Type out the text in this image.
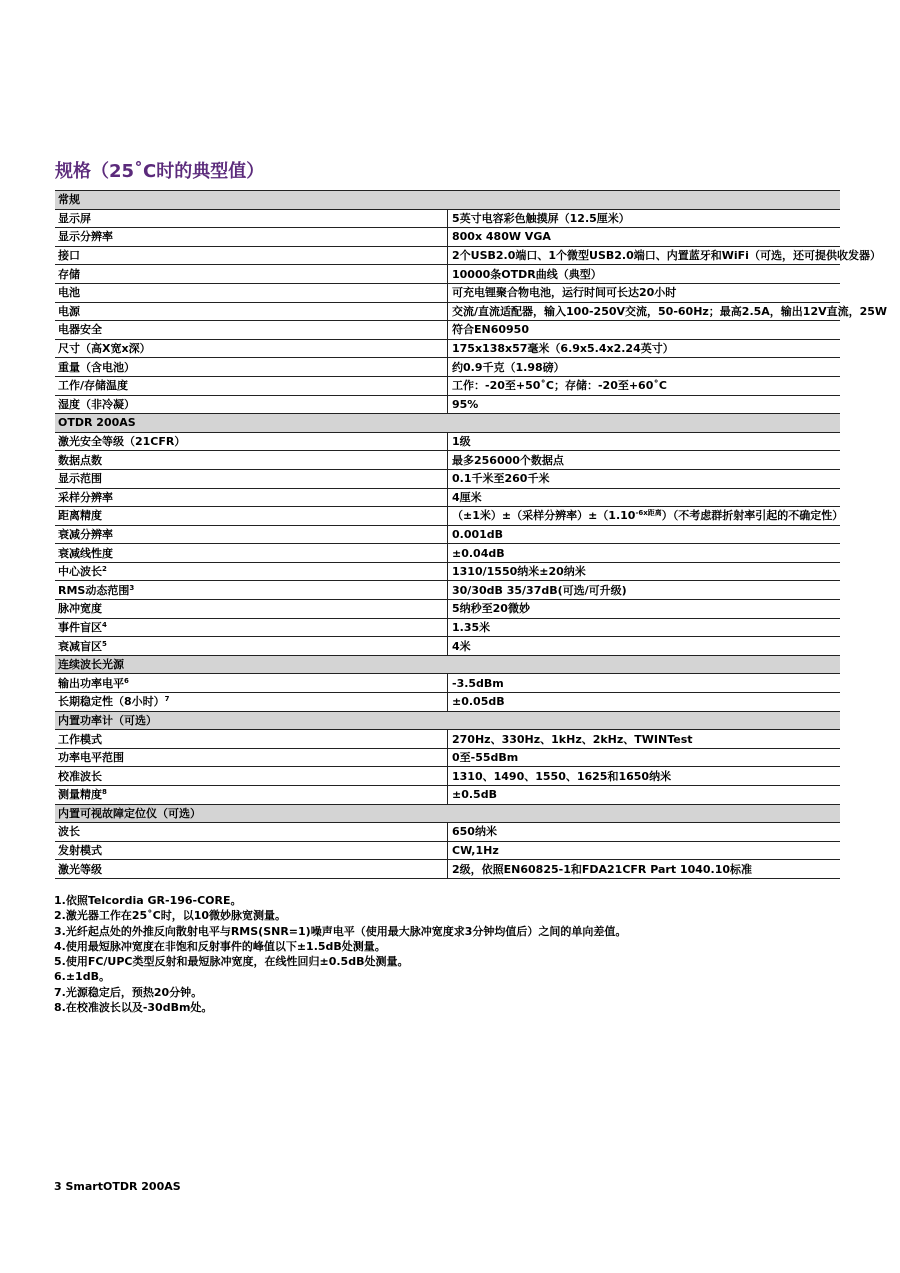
规格（25˚C时的典型值）
常规	
显示屏	5英寸电容彩色触摸屏（12.5厘米）
显示分辨率	800x 480W VGA
接口	2个USB2.0端口、1个微型USB2.0端口、内置蓝牙和WiFi（可选，还可提供收发器）
存储	10000条OTDR曲线（典型）
电池	可充电锂聚合物电池，运行时间可长达20小时
电源	交流/直流适配器，输入100-250V交流，50-60Hz；最高2.5A，输出12V直流，25W
电器安全	符合EN60950
尺寸（高X宽x深）	175x138x57毫米（6.9x5.4x2.24英寸）
重量（含电池）	约0.9千克（1.98磅）
工作/存储温度	工作：-20至+50˚C；存储：-20至+60˚C
湿度（非冷凝）	95%
OTDR 200AS	
激光安全等级（21CFR）	1级
数据点数	最多256000个数据点
显示范围	0.1千米至260千米
采样分辨率	4厘米
距离精度	（±1米）±（采样分辨率）$\pm(1.10^{-6x距离})$（不考虑群折射率引起的不确定性）
衰减分辨率	0.001dB
衰减线性度	±0.04dB
中心波长$^2$	1310/1550纳米±20纳米
RMS动态范围$^3$	30/30dB 35/37dB(可选/可升级)
脉冲宽度	5纳秒至20微妙
事件盲区$^4$	1.35米
衰减盲区$^5$	4米
连续波长光源	
输出功率电平$^6$	-3.5dBm
长期稳定性（8小时）$^7$	±0.05dB
内置功率计（可选）	
工作模式	270Hz、330Hz、1kHz、2kHz、TWINTest
功率电平范围	0至-55dBm
校准波长	1310、1490、1550、1625和1650纳米
测量精度$^8$	±0.5dB
内置可视故障定位仪（可选）	
波长	650纳米
发射模式	CW,1Hz
激光等级	2级，依照EN60825-1和FDA21CFR Part 1040.10标准
1.依照Telcordia GR-196-CORE。
2.激光器工作在25˚C时，以10微妙脉宽测量。
3.光纤起点处的外推反向散射电平与RMS(SNR=1)噪声电平（使用最大脉冲宽度求3分钟均值后）之间的单向差值。
4.使用最短脉冲宽度在非饱和反射事件的峰值以下±1.5dB处测量。
5.使用FC/UPC类型反射和最短脉冲宽度，在线性回归±0.5dB处测量。
6.±1dB。
7.光源稳定后，预热20分钟。
8.在校准波长以及-30dBm处。
3 SmartOTDR 200AS
